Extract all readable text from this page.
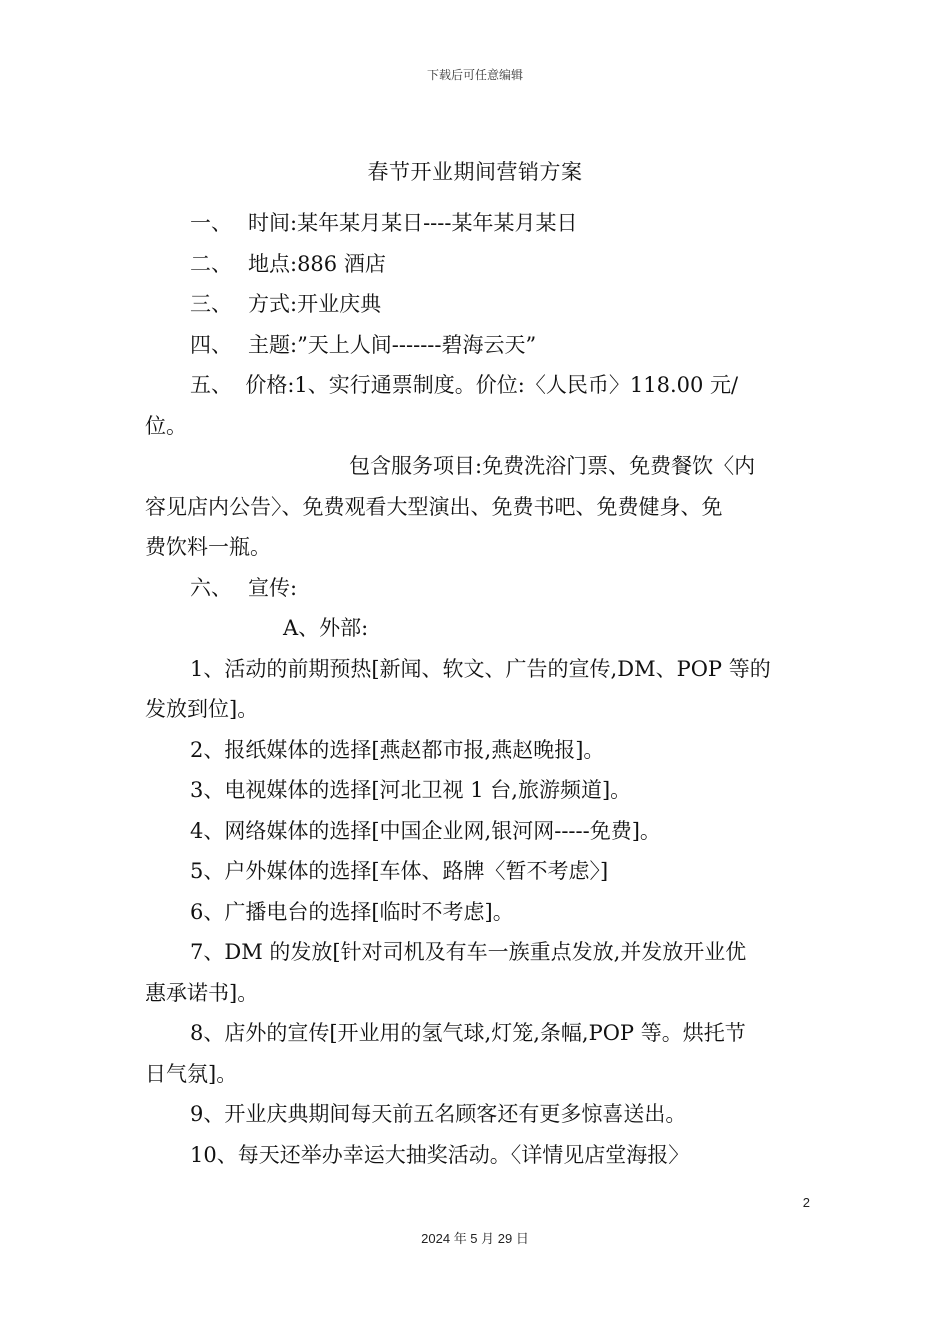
下载后可任意编辑
春节开业期间营销方案
一、 时间:某年某月某日----某年某月某日
二、 地点:886 酒店
三、 方式:开业庆典
四、 主题:”天上人间-------碧海云天”
五、  价格:1、实行通票制度。价位:〈人民币〉118.00 元/
位。
包含服务项目:免费洗浴门票、免费餐饮〈内
容见店内公告〉、免费观看大型演出、免费书吧、免费健身、免
费饮料一瓶。
六、 宣传:
A、外部:
1、活动的前期预热[新闻、软文、广告的宣传,DM、POP 等的
发放到位]。
2、报纸媒体的选择[燕赵都市报,燕赵晚报]。
3、电视媒体的选择[河北卫视 1 台,旅游频道]。
4、网络媒体的选择[中国企业网,银河网-----免费]。
5、户外媒体的选择[车体、路牌〈暂不考虑〉]
6、广播电台的选择[临时不考虑]。
7、DM 的发放[针对司机及有车一族重点发放,并发放开业优
惠承诺书]。
8、店外的宣传[开业用的氢气球,灯笼,条幅,POP 等。烘托节
日气氛]。
9、开业庆典期间每天前五名顾客还有更多惊喜送出。
10、每天还举办幸运大抽奖活动。〈详情见店堂海报〉
2
2024 年 5 月 29 日
